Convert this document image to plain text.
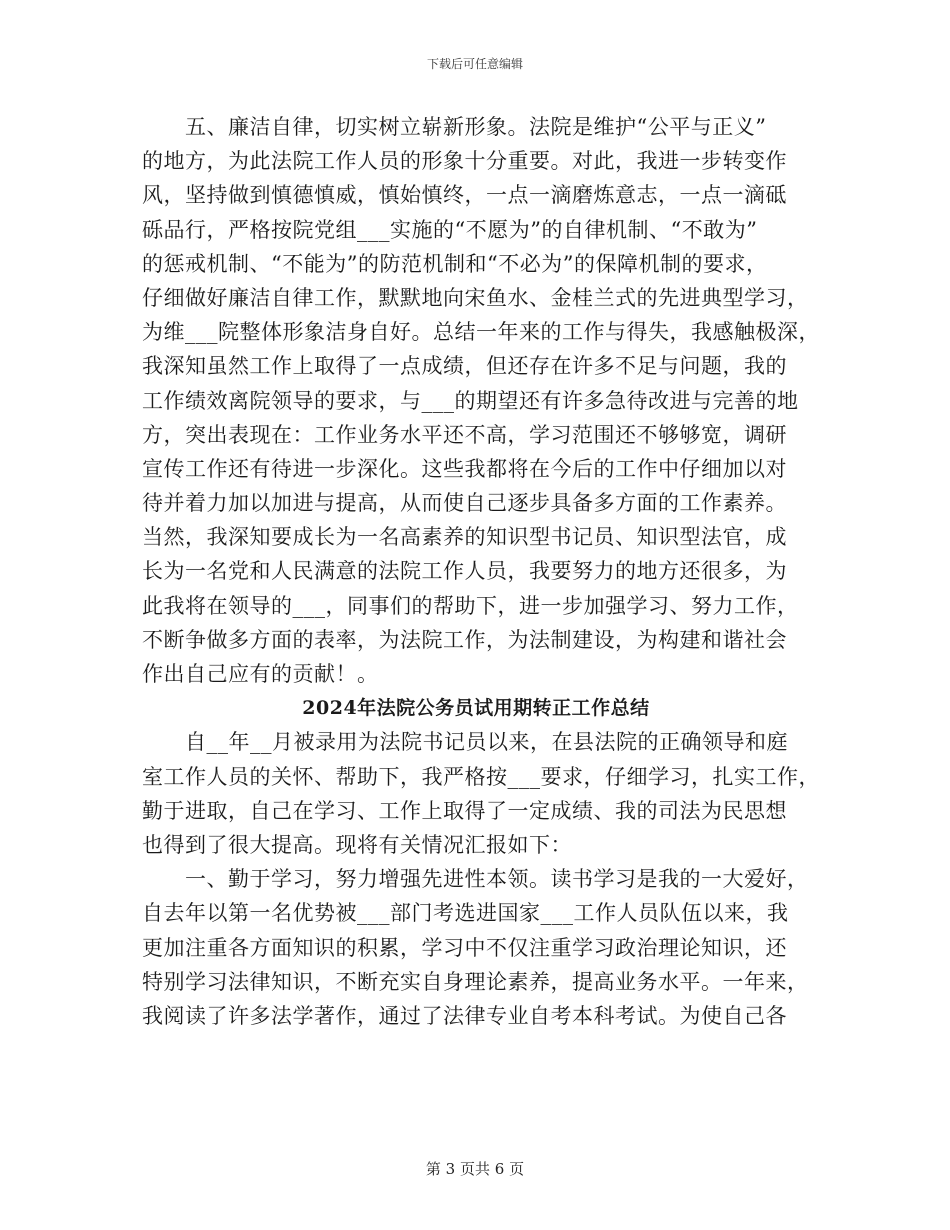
下载后可任意编辑
　　五、廉洁自律，切实树立崭新形象。法院是维护“公平与正义”
的地方，为此法院工作人员的形象十分重要。对此，我进一步转变作
风，坚持做到慎德慎威，慎始慎终，一点一滴磨炼意志，一点一滴砥
砾品行，严格按院党组___实施的“不愿为”的自律机制、“不敢为”
的惩戒机制、“不能为”的防范机制和“不必为”的保障机制的要求，
仔细做好廉洁自律工作，默默地向宋鱼水、金桂兰式的先进典型学习，
为维___院整体形象洁身自好。总结一年来的工作与得失，我感触极深，
我深知虽然工作上取得了一点成绩，但还存在许多不足与问题，我的
工作绩效离院领导的要求，与___的期望还有许多急待改进与完善的地
方，突出表现在：工作业务水平还不高，学习范围还不够够宽，调研
宣传工作还有待进一步深化。这些我都将在今后的工作中仔细加以对
待并着力加以加进与提高，从而使自己逐步具备多方面的工作素养。
当然，我深知要成长为一名高素养的知识型书记员、知识型法官，成
长为一名党和人民满意的法院工作人员，我要努力的地方还很多，为
此我将在领导的___，同事们的帮助下，进一步加强学习、努力工作，
不断争做多方面的表率，为法院工作，为法制建设，为构建和谐社会
作出自己应有的贡献！。
2024年法院公务员试用期转正工作总结
　　自__年__月被录用为法院书记员以来，在县法院的正确领导和庭
室工作人员的关怀、帮助下，我严格按___要求，仔细学习，扎实工作，
勤于进取，自己在学习、工作上取得了一定成绩、我的司法为民思想
也得到了很大提高。现将有关情况汇报如下：
　　一、勤于学习，努力增强先进性本领。读书学习是我的一大爱好，
自去年以第一名优势被___部门考选进国家___工作人员队伍以来，我
更加注重各方面知识的积累，学习中不仅注重学习政治理论知识，还
特别学习法律知识，不断充实自身理论素养，提高业务水平。一年来，
我阅读了许多法学著作，通过了法律专业自考本科考试。为使自己各
第 3 页共 6 页
